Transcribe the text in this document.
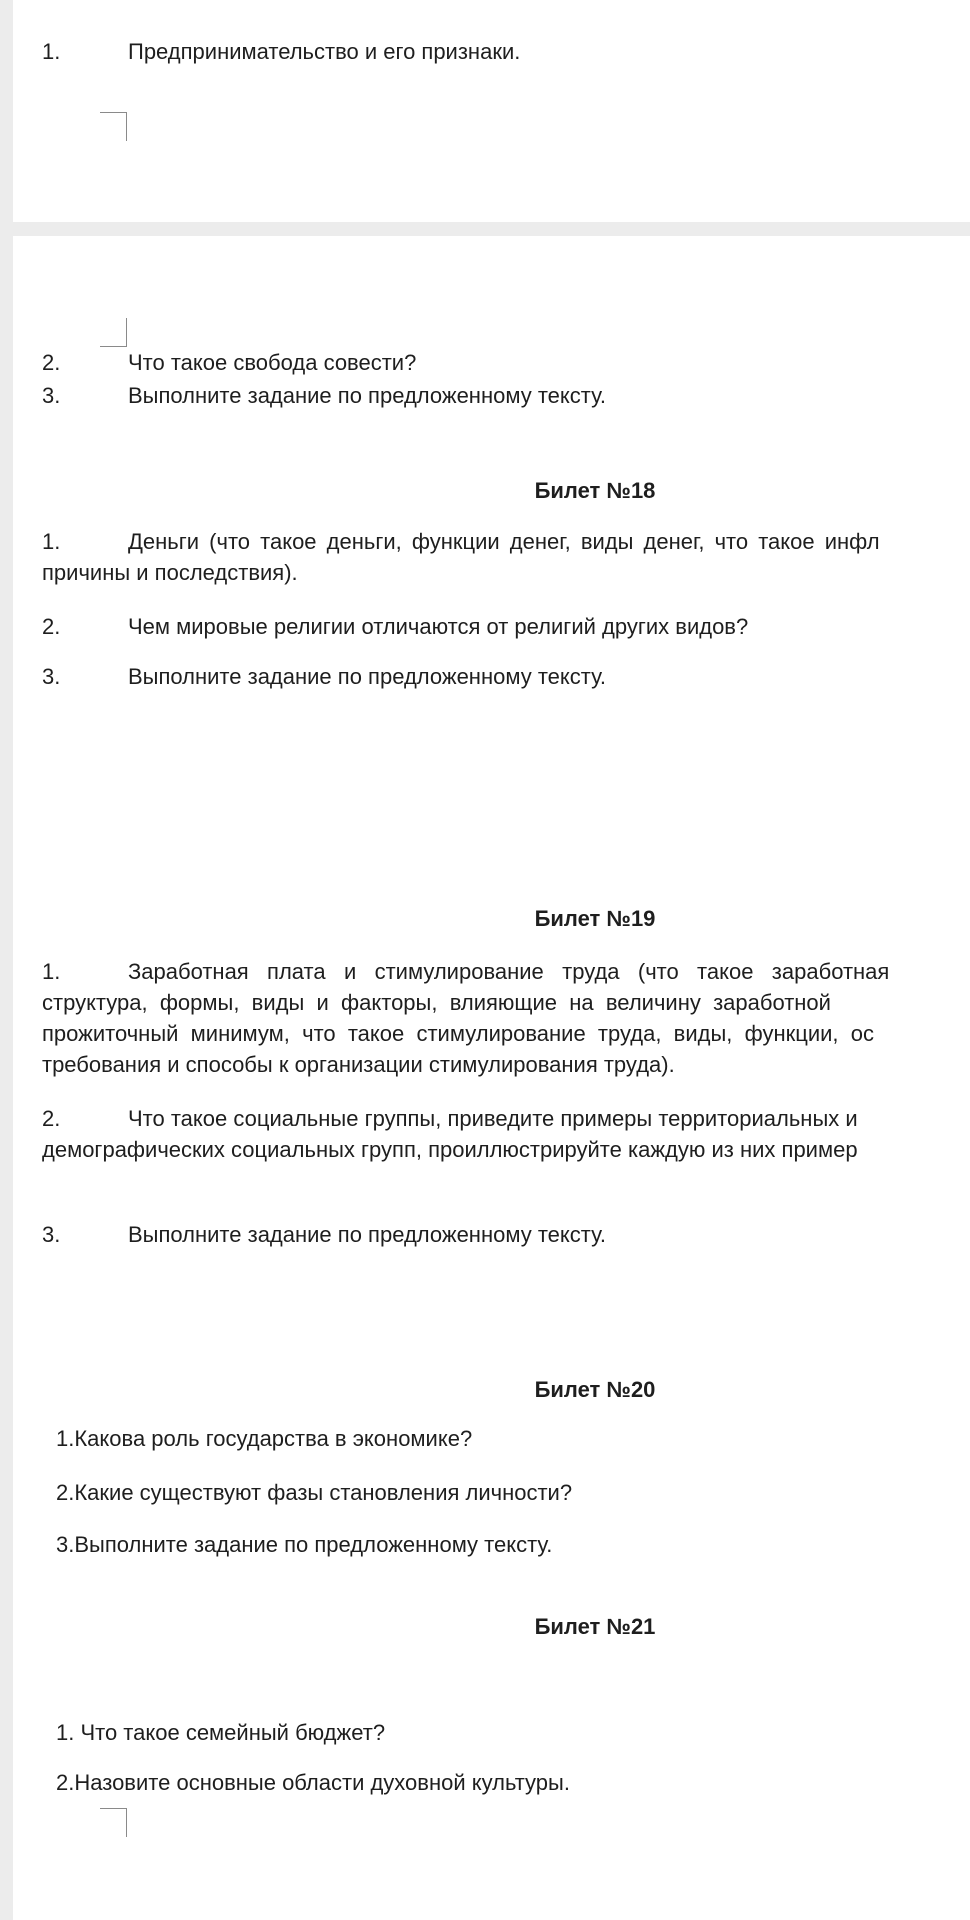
1.	Предпринимательство и его признаки.
2.	Что такое свобода совести?
3.	Выполните задание по предложенному тексту.
Билет №18
1.	Деньги (что такое деньги, функции денег, виды денег, что такое инфл
причины и последствия).
2.	Чем мировые религии отличаются от религий других видов?
3.	Выполните задание по предложенному тексту.
Билет №19
1.	Заработная   плата   и   стимулирование   труда   (что   такое   заработная
структура,  формы,  виды  и  факторы,  влияющие  на  величину  заработной
прожиточный  минимум,  что  такое  стимулирование  труда,  виды,  функции,  ос
требования и способы к организации стимулирования труда).
2.	Что такое социальные группы, приведите примеры территориальных и
демографических социальных групп, проиллюстрируйте каждую из них пример
3.	Выполните задание по предложенному тексту.
Билет №20
1.Какова роль государства в экономике?
2.Какие существуют фазы становления личности?
3.Выполните задание по предложенному тексту.
Билет №21
1. Что такое семейный бюджет?
2.Назовите основные области духовной культуры.
